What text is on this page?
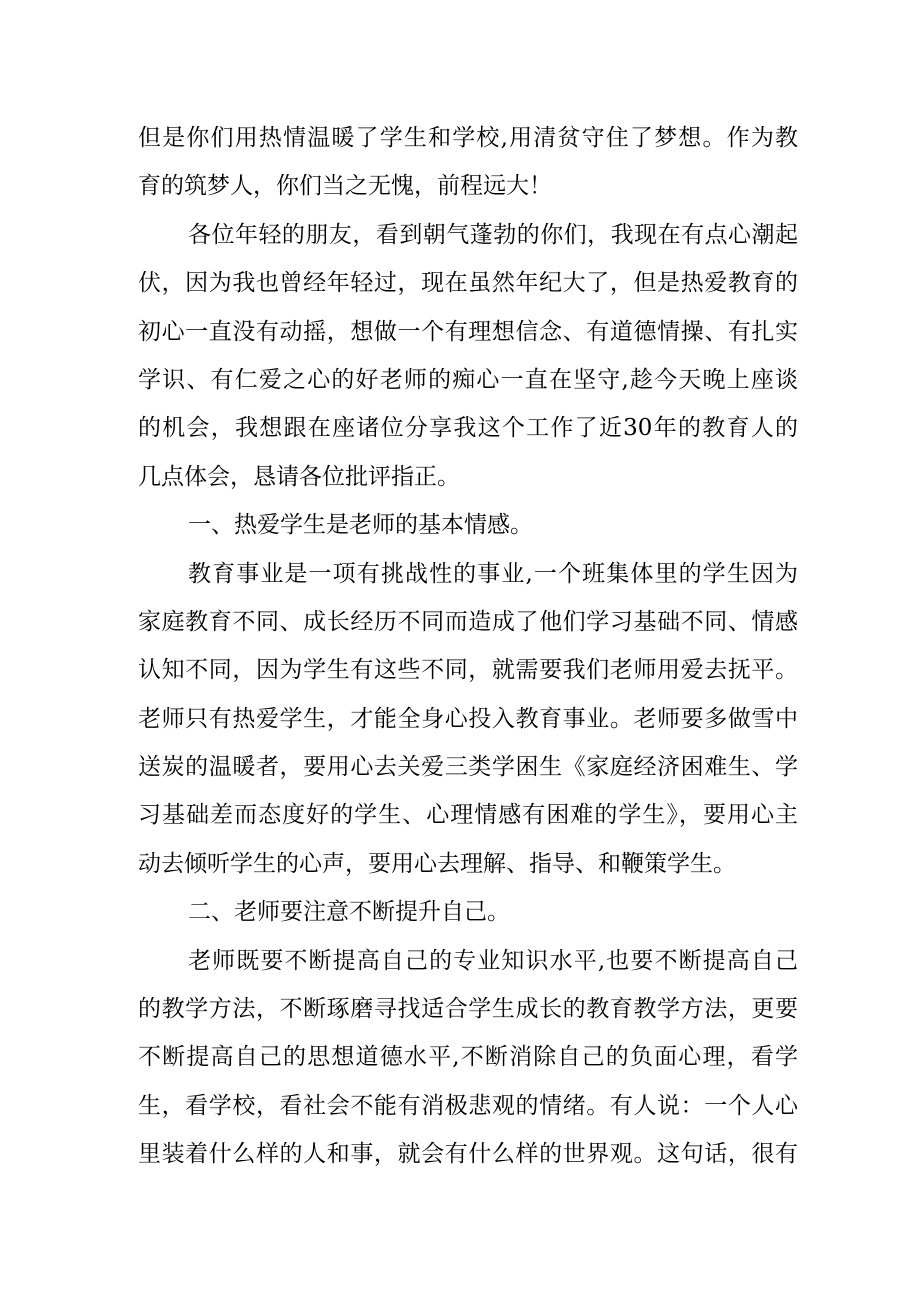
但是你们用热情温暖了学生和学校,用清贫守住了梦想。作为教
育的筑梦人，你们当之无愧，前程远大！
各位年轻的朋友，看到朝气蓬勃的你们，我现在有点心潮起
伏，因为我也曾经年轻过，现在虽然年纪大了，但是热爱教育的
初心一直没有动摇，想做一个有理想信念、有道德情操、有扎实
学识、有仁爱之心的好老师的痴心一直在坚守,趁今天晚上座谈
的机会，我想跟在座诸位分享我这个工作了近30年的教育人的
几点体会，恳请各位批评指正。
一、热爱学生是老师的基本情感。
教育事业是一项有挑战性的事业,一个班集体里的学生因为
家庭教育不同、成长经历不同而造成了他们学习基础不同、情感
认知不同，因为学生有这些不同，就需要我们老师用爱去抚平。
老师只有热爱学生，才能全身心投入教育事业。老师要多做雪中
送炭的温暖者，要用心去关爱三类学困生《家庭经济困难生、学
习基础差而态度好的学生、心理情感有困难的学生》，要用心主
动去倾听学生的心声，要用心去理解、指导、和鞭策学生。
二、老师要注意不断提升自己。
老师既要不断提高自己的专业知识水平,也要不断提高自己
的教学方法，不断琢磨寻找适合学生成长的教育教学方法，更要
不断提高自己的思想道德水平,不断消除自己的负面心理，看学
生，看学校，看社会不能有消极悲观的情绪。有人说：一个人心
里装着什么样的人和事，就会有什么样的世界观。这句话，很有
